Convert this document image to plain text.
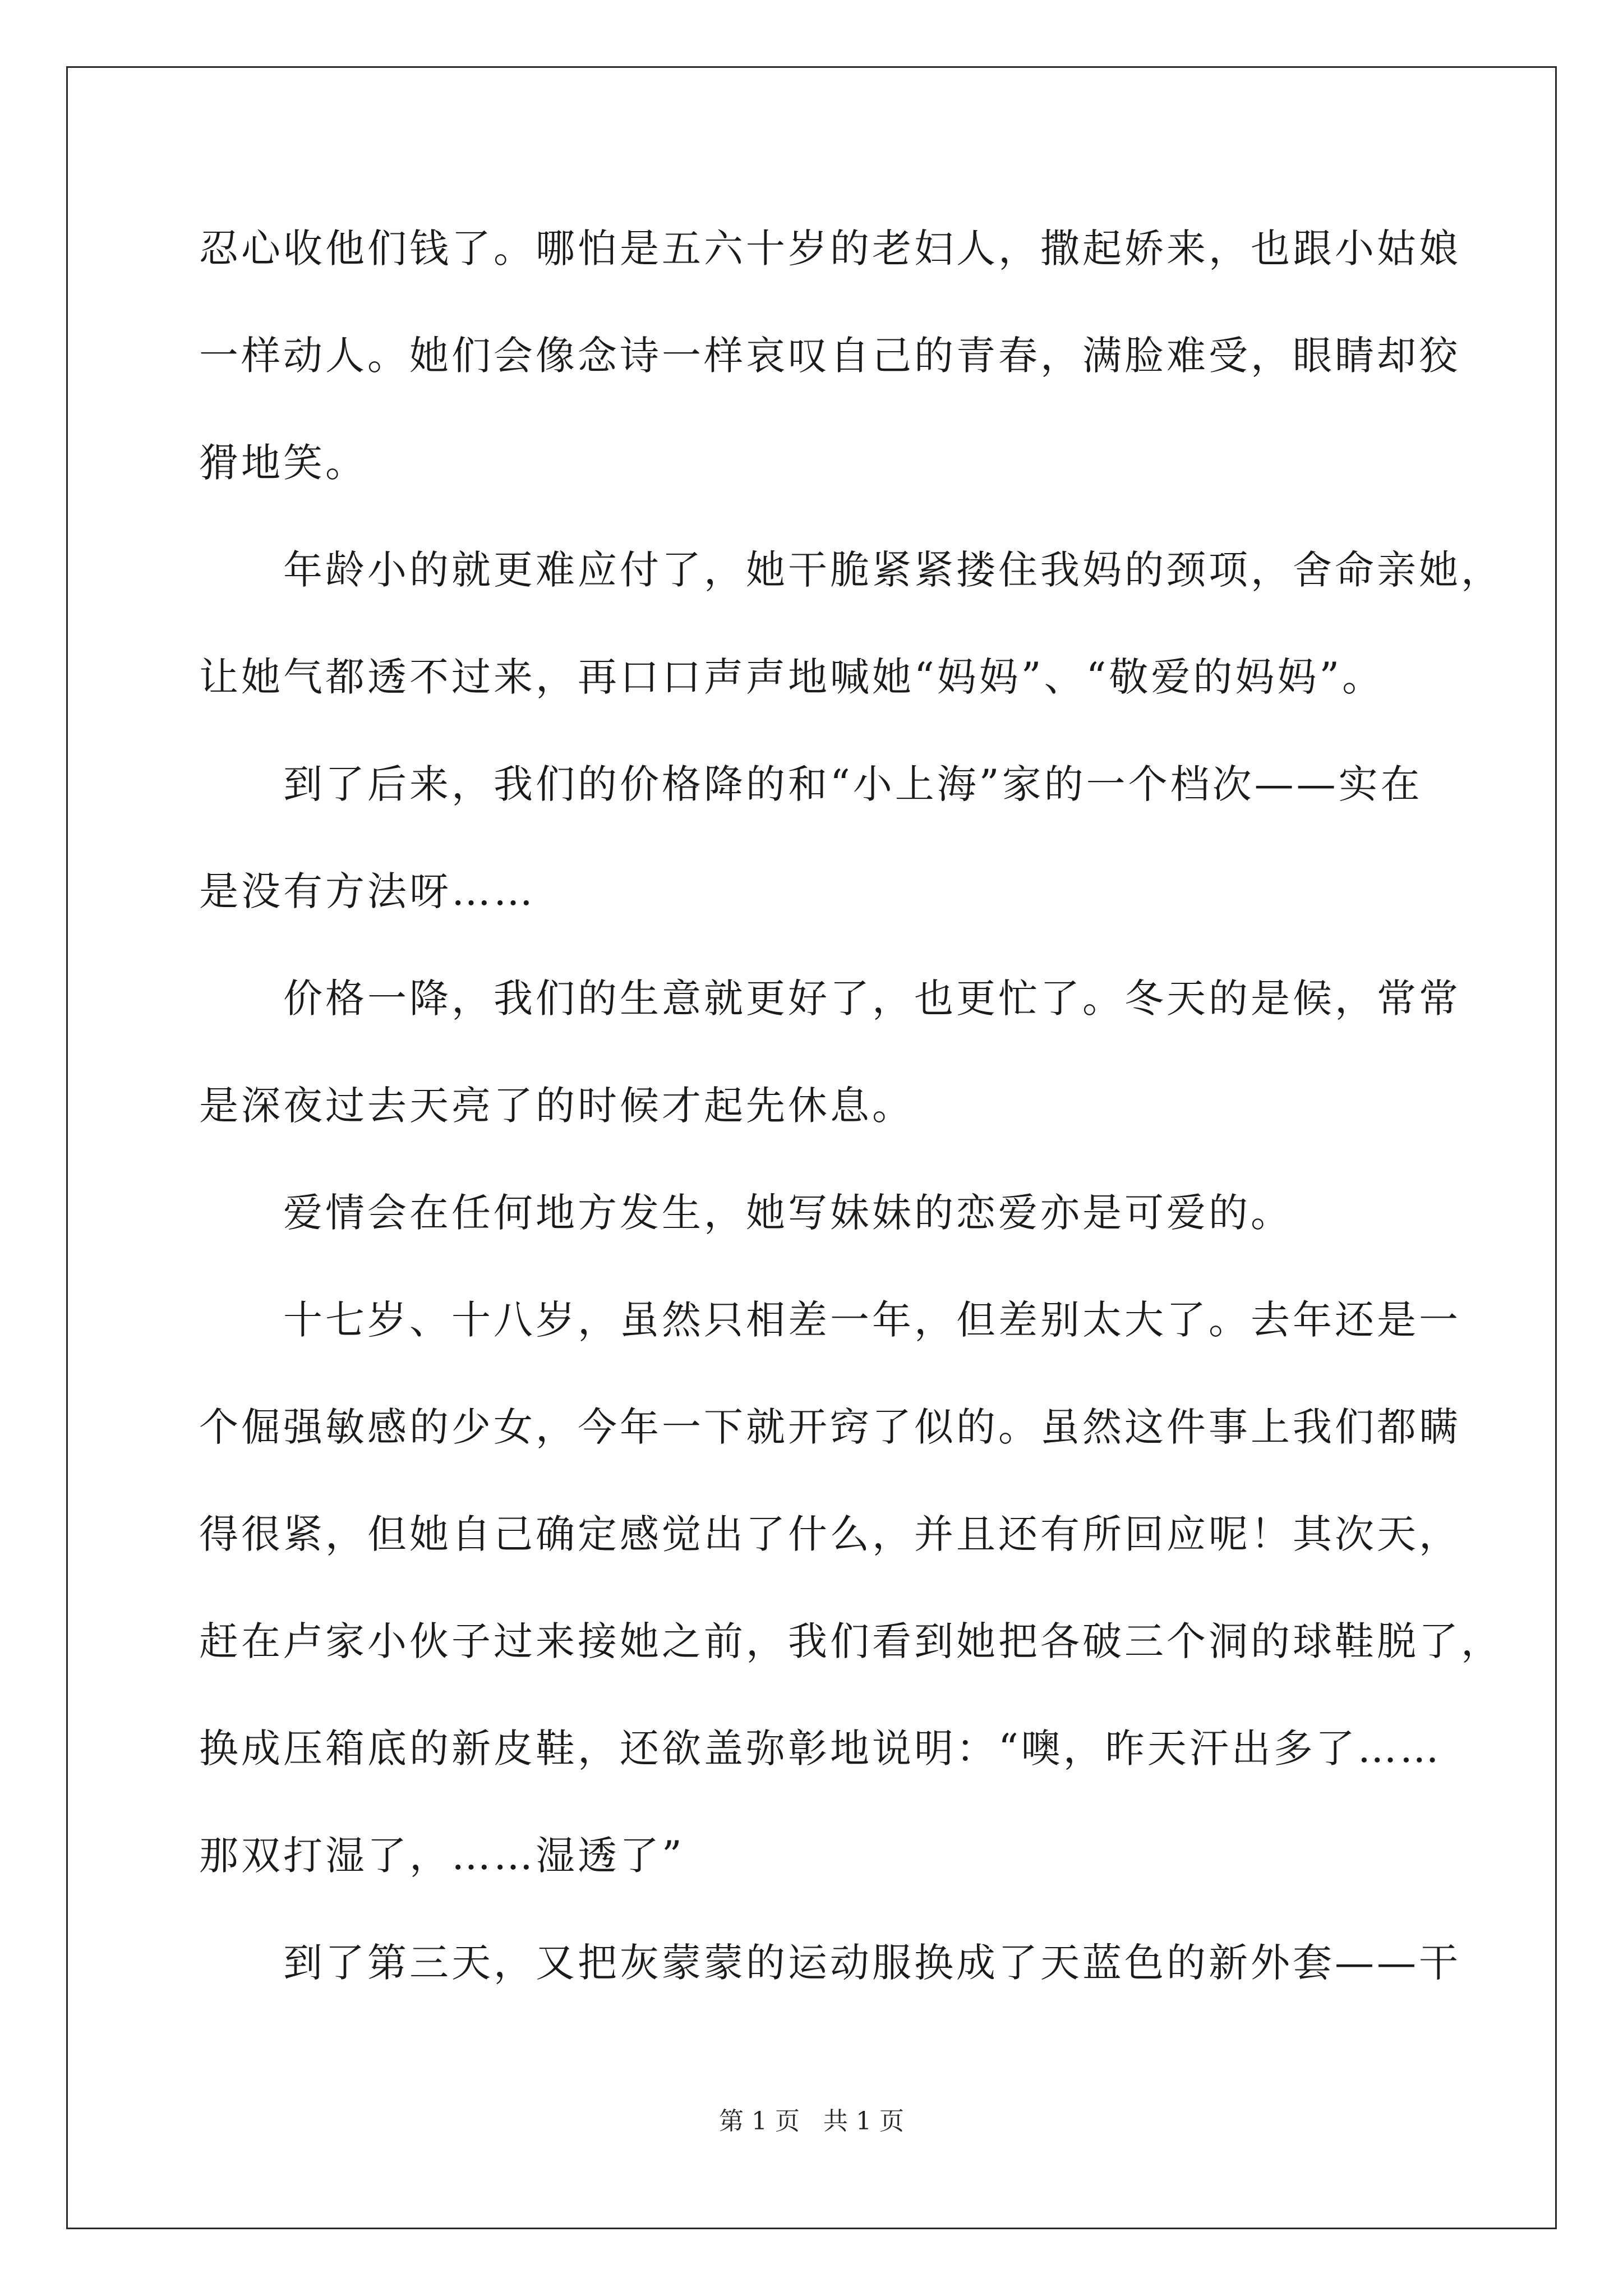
忍心收他们钱了。哪怕是五六十岁的老妇人，撒起娇来，也跟小姑娘
一样动人。她们会像念诗一样哀叹自己的青春，满脸难受，眼睛却狡
猾地笑。
　　年龄小的就更难应付了，她干脆紧紧搂住我妈的颈项，舍命亲她，
让她气都透不过来，再口口声声地喊她“妈妈”、“敬爱的妈妈”。
　　到了后来，我们的价格降的和“小上海”家的一个档次——实在
是没有方法呀……
　　价格一降，我们的生意就更好了，也更忙了。冬天的是候，常常
是深夜过去天亮了的时候才起先休息。
　　爱情会在任何地方发生，她写妹妹的恋爱亦是可爱的。
　　十七岁、十八岁，虽然只相差一年，但差别太大了。去年还是一
个倔强敏感的少女，今年一下就开窍了似的。虽然这件事上我们都瞒
得很紧，但她自己确定感觉出了什么，并且还有所回应呢！其次天，
赶在卢家小伙子过来接她之前，我们看到她把各破三个洞的球鞋脱了，
换成压箱底的新皮鞋，还欲盖弥彰地说明：“噢，昨天汗出多了……
那双打湿了，……湿透了”
　　到了第三天，又把灰蒙蒙的运动服换成了天蓝色的新外套——干
第 1 页 共 1 页
